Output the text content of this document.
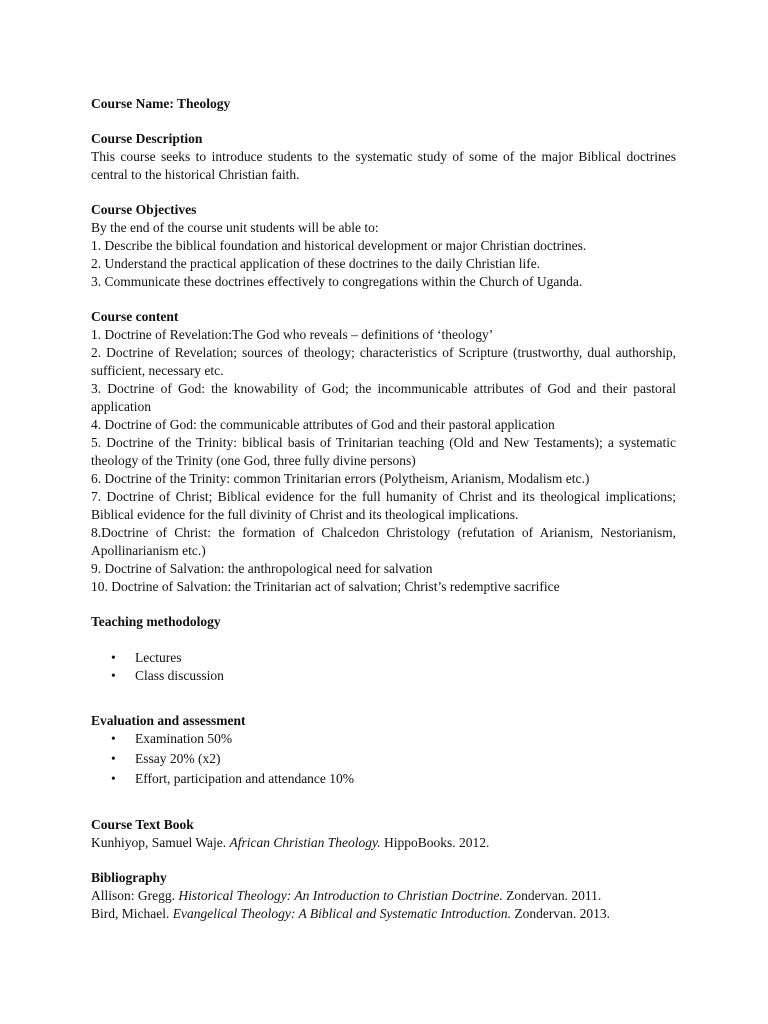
Course Name: Theology

Course Description

This course seeks to introduce students to the systematic study of some of the major Biblical doctrines central to the historical Christian faith.

Course Objectives

By the end of the course unit students will be able to:

1. Describe the biblical foundation and historical development or major Christian doctrines.

2. Understand the practical application of these doctrines to the daily Christian life.

3. Communicate these doctrines effectively to congregations within the Church of Uganda.

Course content

1. Doctrine of Revelation:The God who reveals – definitions of ‘theology’

2. Doctrine of Revelation; sources of theology; characteristics of Scripture (trustworthy, dual authorship, sufficient, necessary etc.

3. Doctrine of God: the knowability of God; the incommunicable attributes of God and their pastoral application

4. Doctrine of God: the communicable attributes of God and their pastoral application

5. Doctrine of the Trinity: biblical basis of Trinitarian teaching (Old and New Testaments); a systematic theology of the Trinity (one God, three fully divine persons)

6. Doctrine of the Trinity: common Trinitarian errors (Polytheism, Arianism, Modalism etc.)

7. Doctrine of Christ; Biblical evidence for the full humanity of Christ and its theological implications; Biblical evidence for the full divinity of Christ and its theological implications.

8.Doctrine of Christ: the formation of Chalcedon Christology (refutation of Arianism, Nestorianism, Apollinarianism etc.)

9. Doctrine of Salvation: the anthropological need for salvation

10. Doctrine of Salvation: the Trinitarian act of salvation; Christ’s redemptive sacrifice

Teaching methodology

• Lectures
• Class discussion

Evaluation and assessment

• Examination 50%
• Essay 20% (x2)
• Effort, participation and attendance 10%

Course Text Book

Kunhiyop, Samuel Waje. African Christian Theology. HippoBooks. 2012.

Bibliography

Allison: Gregg. Historical Theology: An Introduction to Christian Doctrine. Zondervan. 2011.

Bird, Michael. Evangelical Theology: A Biblical and Systematic Introduction. Zondervan. 2013.
